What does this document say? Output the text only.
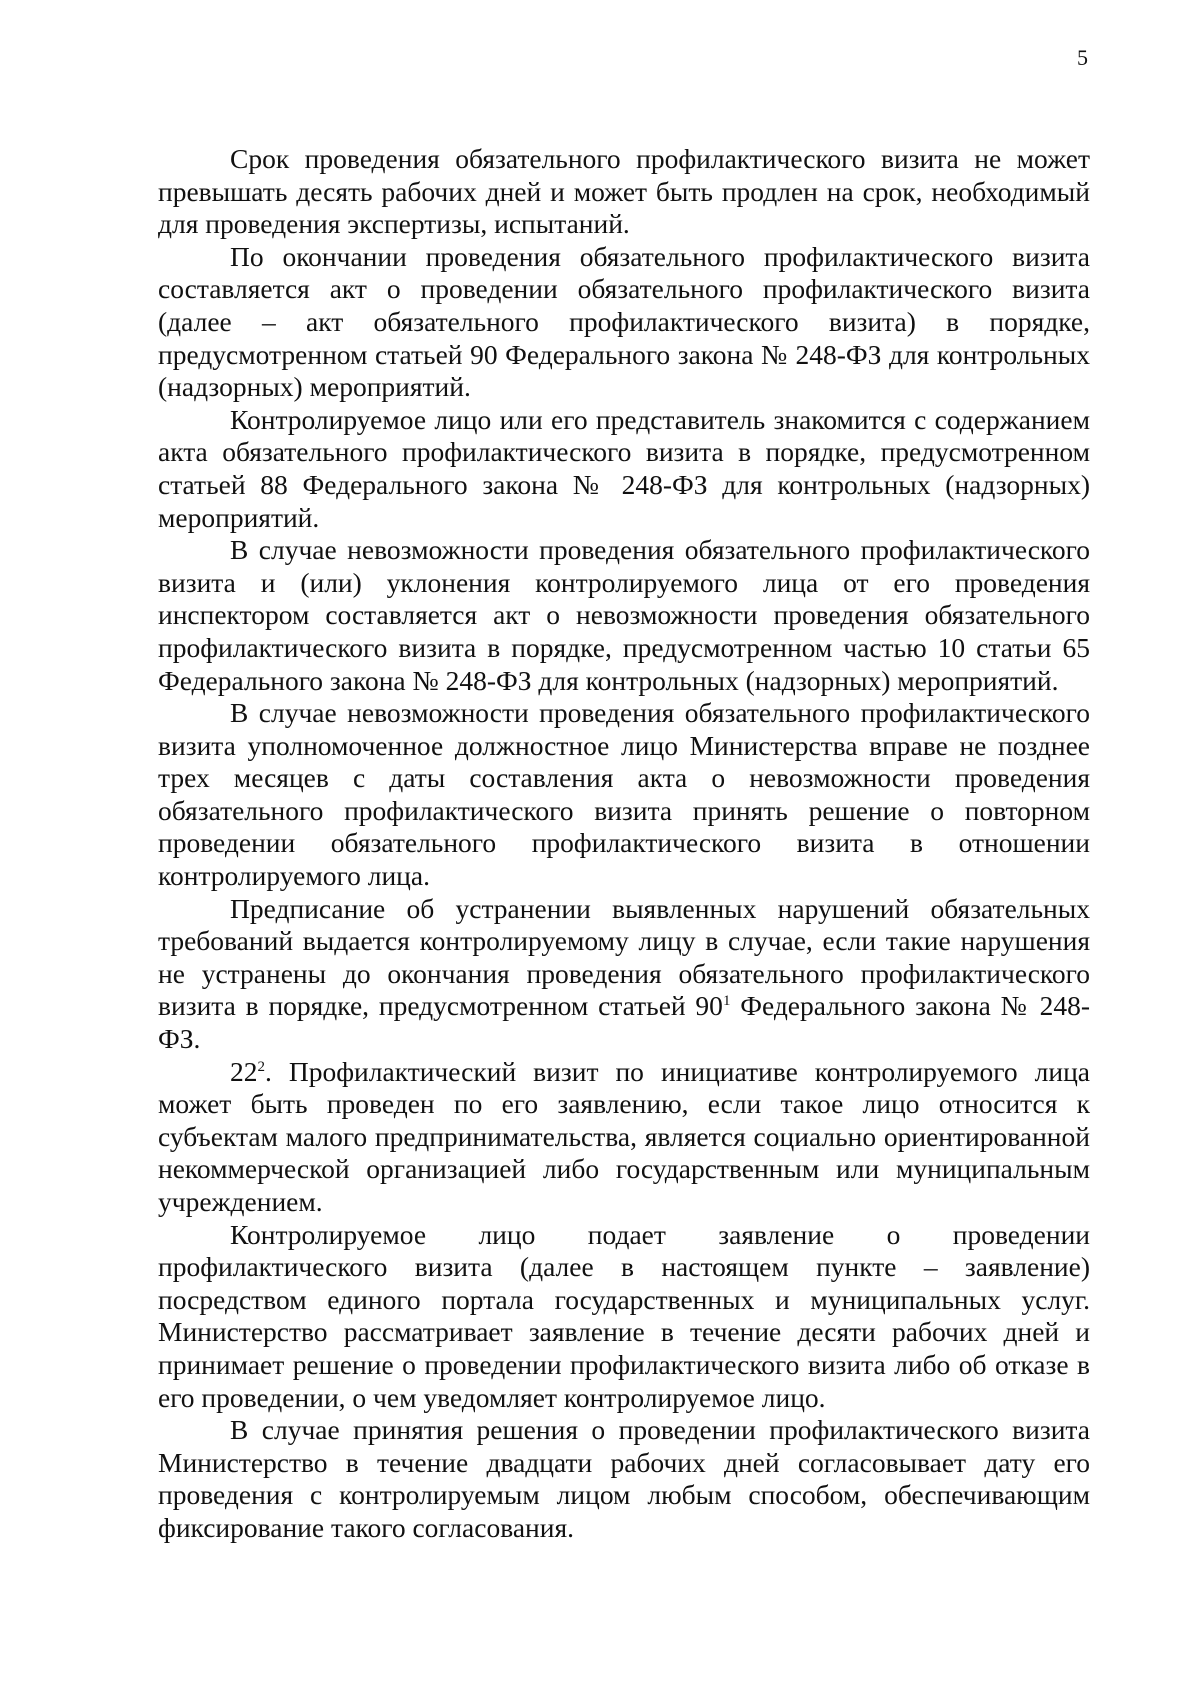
5

Срок проведения обязательного профилактического визита не может превышать десять рабочих дней и может быть продлен на срок, необходимый для проведения экспертизы, испытаний.

По окончании проведения обязательного профилактического визита составляется акт о проведении обязательного профилактического визита (далее – акт обязательного профилактического визита) в порядке, предусмотренном статьей 90 Федерального закона № 248-ФЗ для контрольных (надзорных) мероприятий.

Контролируемое лицо или его представитель знакомится с содержанием акта обязательного профилактического визита в порядке, предусмотренном статьей 88 Федерального закона № 248-ФЗ для контрольных (надзорных) мероприятий.

В случае невозможности проведения обязательного профилактического визита и (или) уклонения контролируемого лица от его проведения инспектором составляется акт о невозможности проведения обязательного профилактического визита в порядке, предусмотренном частью 10 статьи 65 Федерального закона № 248-ФЗ для контрольных (надзорных) мероприятий.

В случае невозможности проведения обязательного профилактического визита уполномоченное должностное лицо Министерства вправе не позднее трех месяцев с даты составления акта о невозможности проведения обязательного профилактического визита принять решение о повторном проведении обязательного профилактического визита в отношении контролируемого лица.

Предписание об устранении выявленных нарушений обязательных требований выдается контролируемому лицу в случае, если такие нарушения не устранены до окончания проведения обязательного профилактического визита в порядке, предусмотренном статьей $90^1$ Федерального закона № 248-ФЗ.

$22^2$. Профилактический визит по инициативе контролируемого лица может быть проведен по его заявлению, если такое лицо относится к субъектам малого предпринимательства, является социально ориентированной некоммерческой организацией либо государственным или муниципальным учреждением.

Контролируемое лицо подает заявление о проведении профилактического визита (далее в настоящем пункте – заявление) посредством единого портала государственных и муниципальных услуг. Министерство рассматривает заявление в течение десяти рабочих дней и принимает решение о проведении профилактического визита либо об отказе в его проведении, о чем уведомляет контролируемое лицо.

В случае принятия решения о проведении профилактического визита Министерство в течение двадцати рабочих дней согласовывает дату его проведения с контролируемым лицом любым способом, обеспечивающим фиксирование такого согласования.
